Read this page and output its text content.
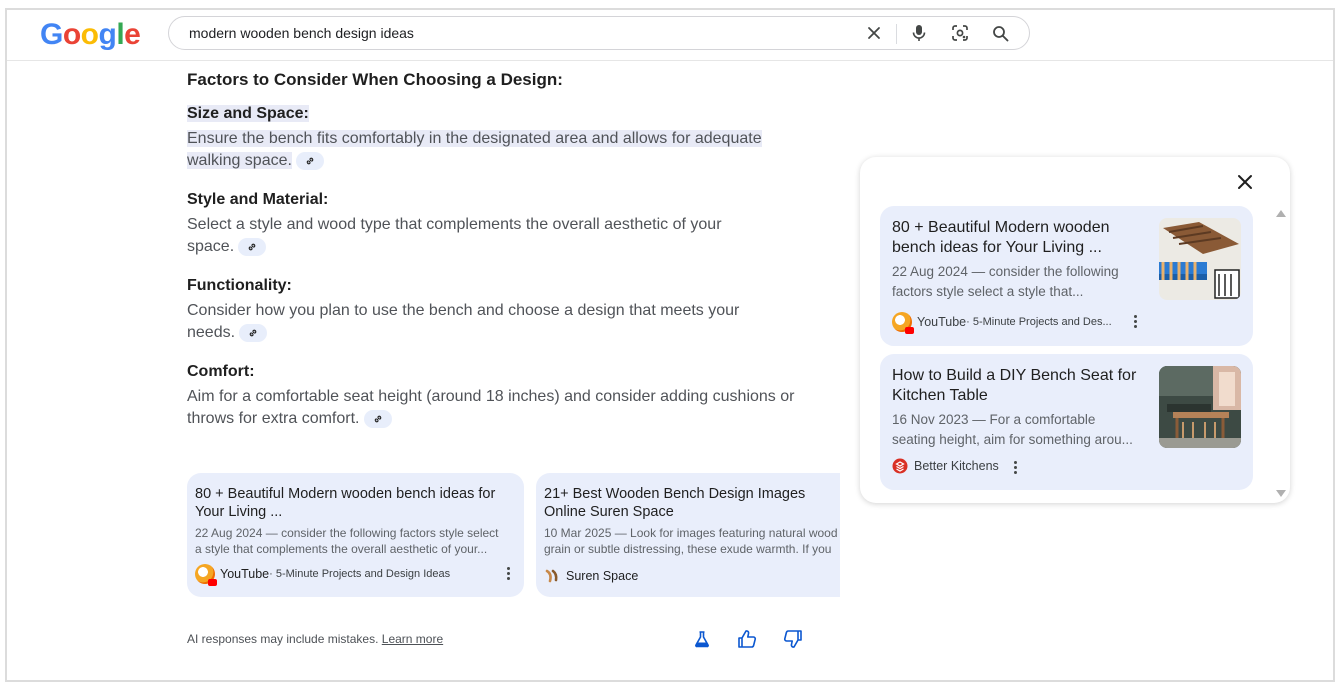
Google
modern wooden bench design ideas
Factors to Consider When Choosing a Design:
Size and Space:
Ensure the bench fits comfortably in the designated area and allows for adequate walking space.
Style and Material:
Select a style and wood type that complements the overall aesthetic of your space.
Functionality:
Consider how you plan to use the bench and choose a design that meets your needs.
Comfort:
Aim for a comfortable seat height (around 18 inches) and consider adding cushions or throws for extra comfort.
80 + Beautiful Modern wooden bench ideas for Your Living ...
22 Aug 2024 — consider the following factors style select
a style that complements the overall aesthetic of your...
YouTube · 5-Minute Projects and Design Ideas
21+ Best Wooden Bench Design Images Online Suren Space
10 Mar 2025 — Look for images featuring natural wood
grain or subtle distressing, these exude warmth. If you
Suren Space
AI responses may include mistakes. Learn more
80 + Beautiful Modern wooden bench ideas for Your Living ...
22 Aug 2024 — consider the following
factors style select a style that...
YouTube · 5-Minute Projects and Des...
How to Build a DIY Bench Seat for Kitchen Table
16 Nov 2023 — For a comfortable
seating height, aim for something arou...
Better Kitchens
